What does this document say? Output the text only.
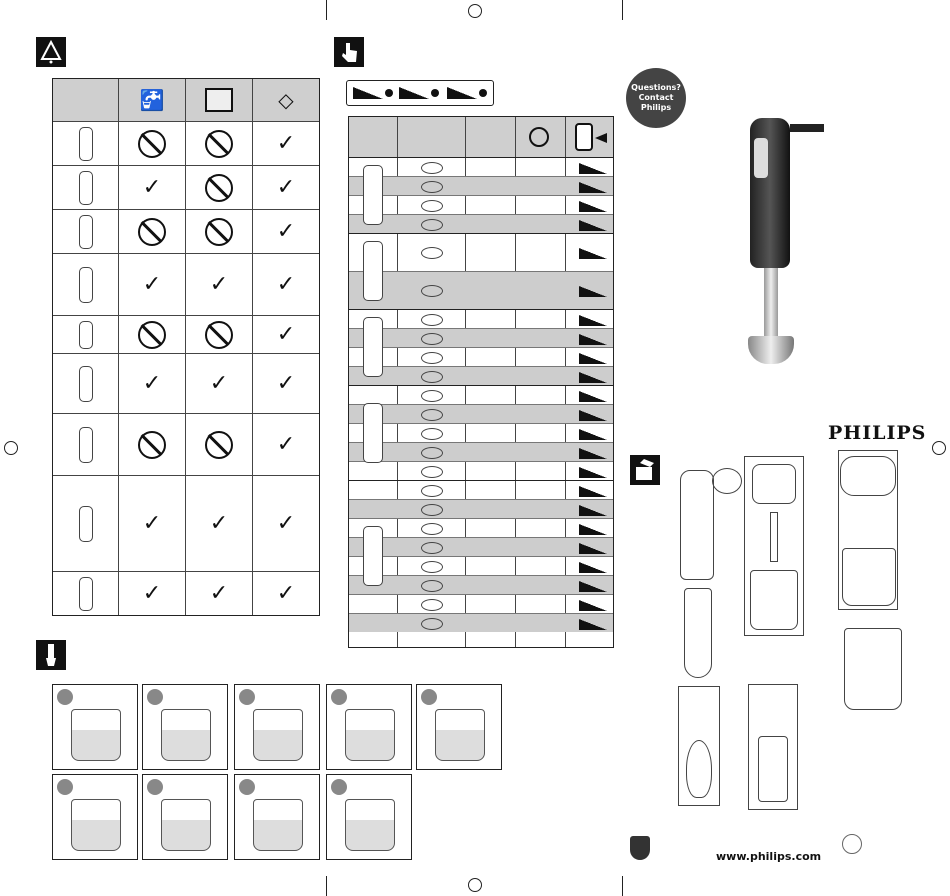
🚰	◇
✓
✓	✓
✓
✓ ✓ ✓
✓
✓ ✓ ✓
✓
✓ ✓ ✓
✓ ✓ ✓
Questions?
Contact
Philips
PHILIPS
www.philips.com
